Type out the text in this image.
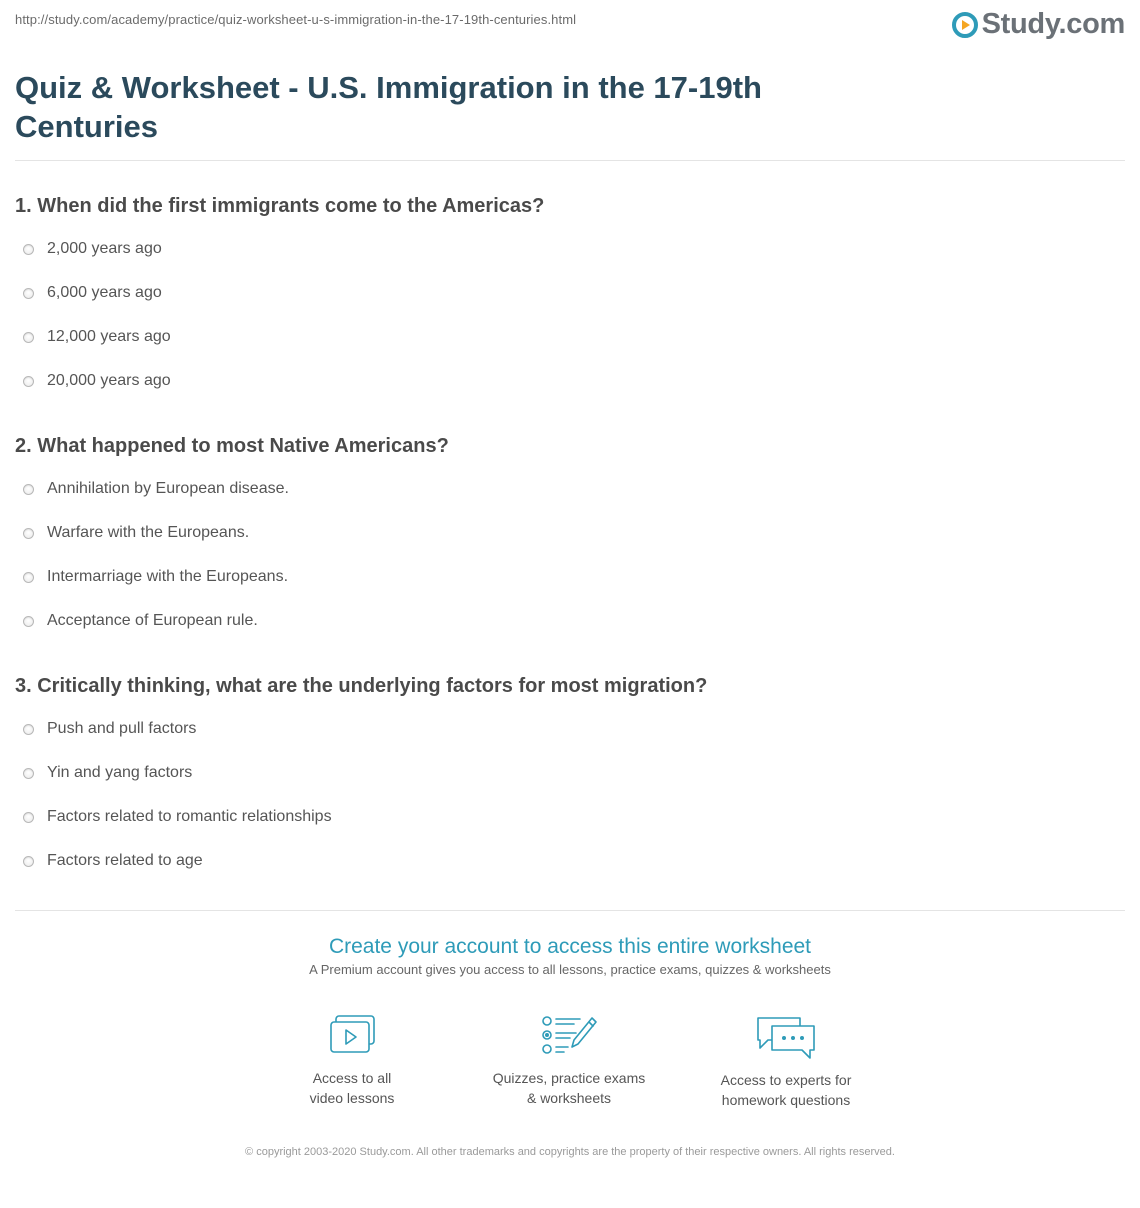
http://study.com/academy/practice/quiz-worksheet-u-s-immigration-in-the-17-19th-centuries.html	Study.com
Quiz & Worksheet - U.S. Immigration in the 17-19th Centuries

1. When did the first immigrants come to the Americas?

2,000 years ago
6,000 years ago
12,000 years ago
20,000 years ago

2. What happened to most Native Americans?

Annihilation by European disease.
Warfare with the Europeans.
Intermarriage with the Europeans.
Acceptance of European rule.

3. Critically thinking, what are the underlying factors for most migration?

Push and pull factors
Yin and yang factors
Factors related to romantic relationships
Factors related to age
Create your account to access this entire worksheet
A Premium account gives you access to all lessons, practice exams, quizzes & worksheets
Access to all
video lessons
Quizzes, practice exams
& worksheets
Access to experts for
homework questions
© copyright 2003-2020 Study.com. All other trademarks and copyrights are the property of their respective owners. All rights reserved.
